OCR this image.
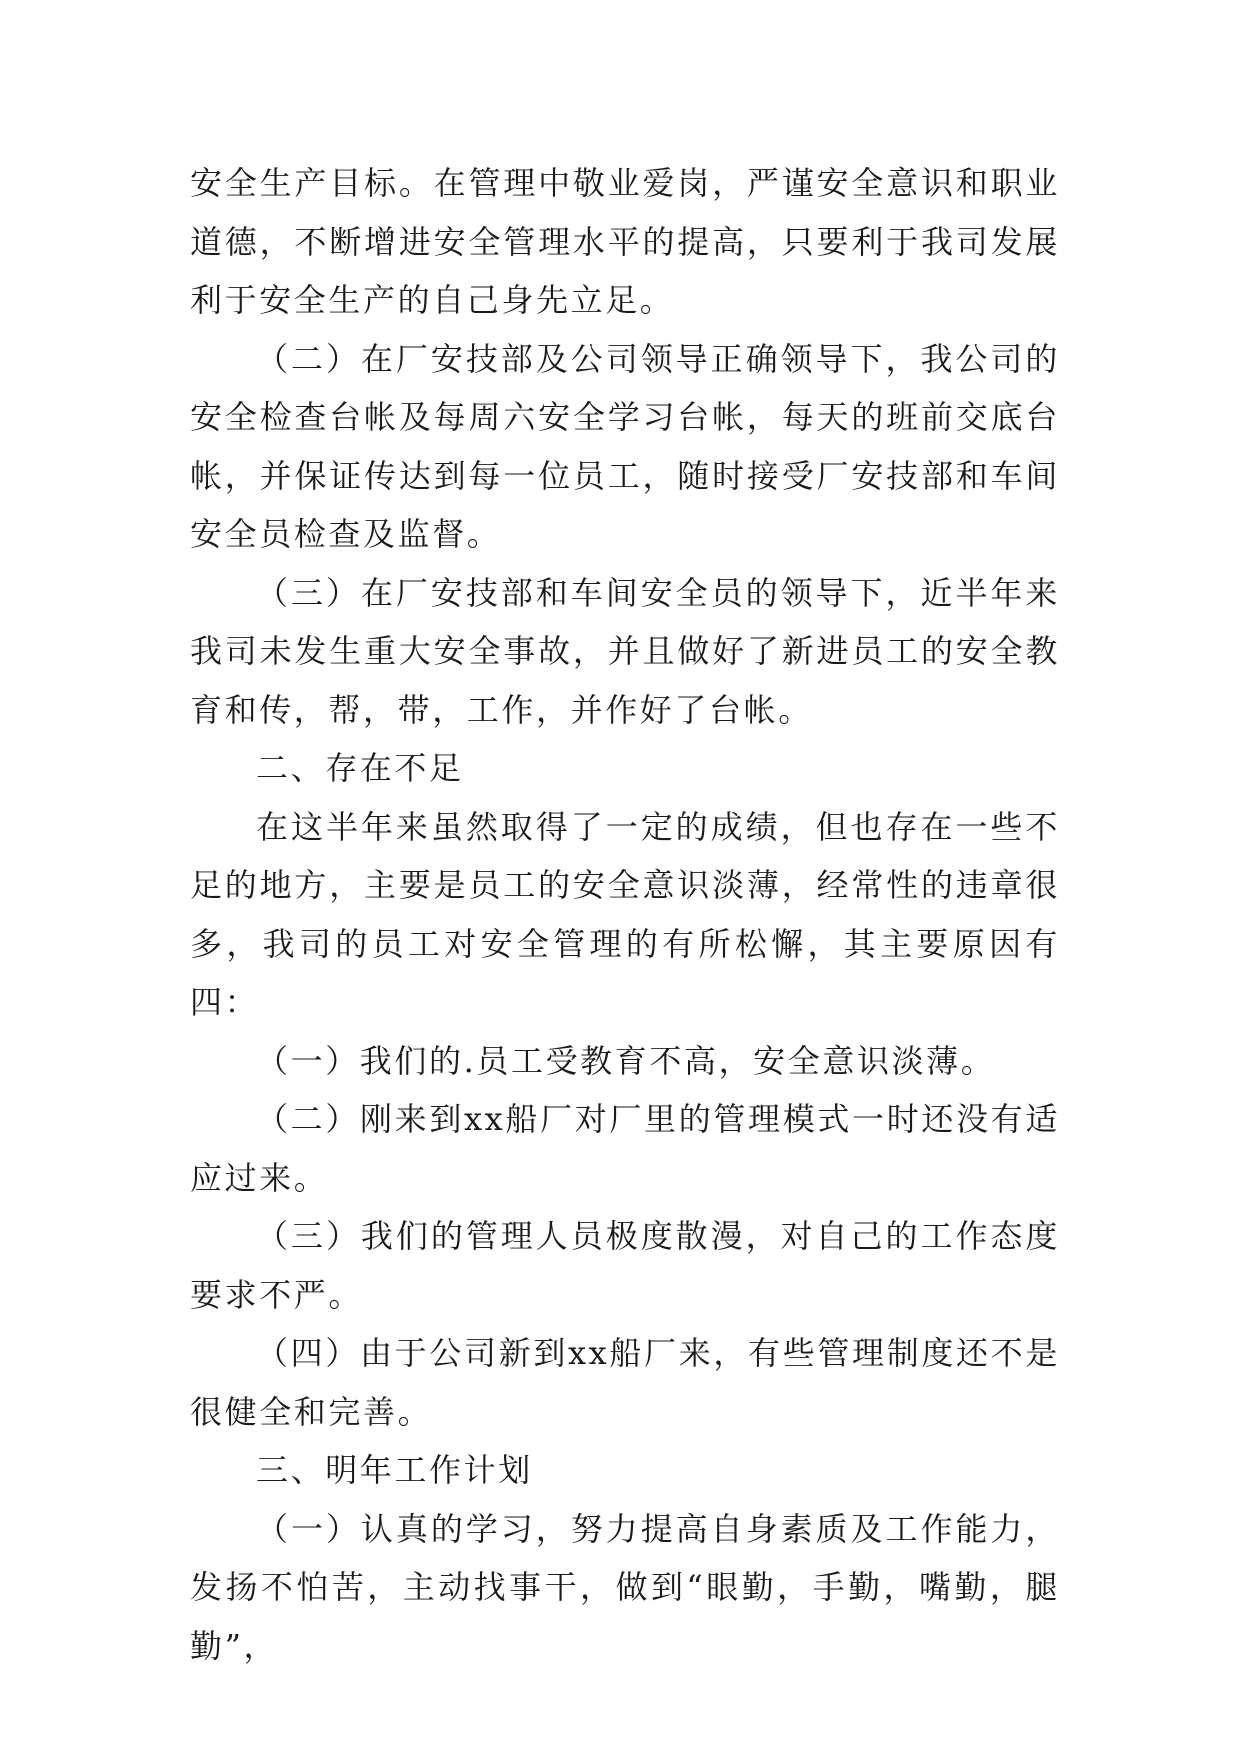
安全生产目标。在管理中敬业爱岗，严谨安全意识和职业道德，不断增进安全管理水平的提高，只要利于我司发展利于安全生产的自己身先立足。

（二）在厂安技部及公司领导正确领导下，我公司的安全检查台帐及每周六安全学习台帐，每天的班前交底台帐，并保证传达到每一位员工，随时接受厂安技部和车间安全员检查及监督。

（三）在厂安技部和车间安全员的领导下，近半年来我司未发生重大安全事故，并且做好了新进员工的安全教育和传，帮，带，工作，并作好了台帐。

二、存在不足

在这半年来虽然取得了一定的成绩，但也存在一些不足的地方，主要是员工的安全意识淡薄，经常性的违章很多，我司的员工对安全管理的有所松懈，其主要原因有四：

（一）我们的.员工受教育不高，安全意识淡薄。

（二）刚来到xx船厂对厂里的管理模式一时还没有适应过来。

（三）我们的管理人员极度散漫，对自己的工作态度要求不严。

（四）由于公司新到xx船厂来，有些管理制度还不是很健全和完善。

三、明年工作计划

（一）认真的学习，努力提高自身素质及工作能力，发扬不怕苦，主动找事干，做到“眼勤，手勤，嘴勤，腿勤”，
